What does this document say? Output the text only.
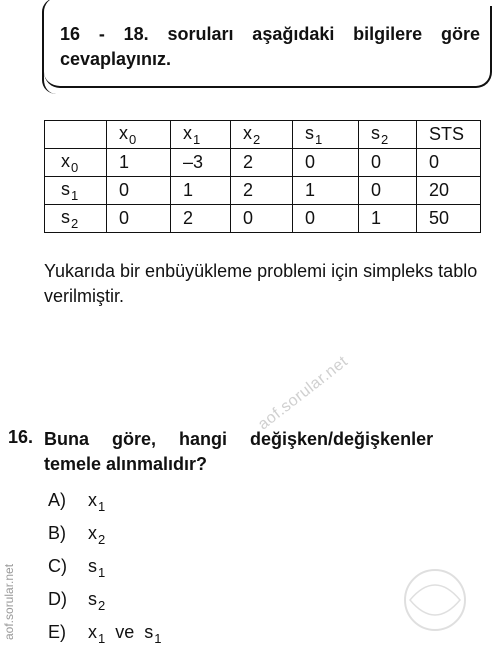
16 - 18. soruları aşağıdaki bilgilere göre cevaplayınız.
	$x_0$	$x_1$	$x_2$	$s_1$	$s_2$	STS
$x_0$	1	–3	2	0	0	0
$s_1$	0	1	2	1	0	20
$s_2$	0	2	0	0	1	50
Yukarıda bir enbüyükleme problemi için simpleks tablo verilmiştir.
16. Buna göre, hangi değişken/değişkenler
temele alınmalıdır?
A)	$x_1$
B)	$x_2$
C)	$s_1$
D)	$s_2$
E)	$x_1$ ve $s_1$
aof.sorular.net
aof.sorular.net
